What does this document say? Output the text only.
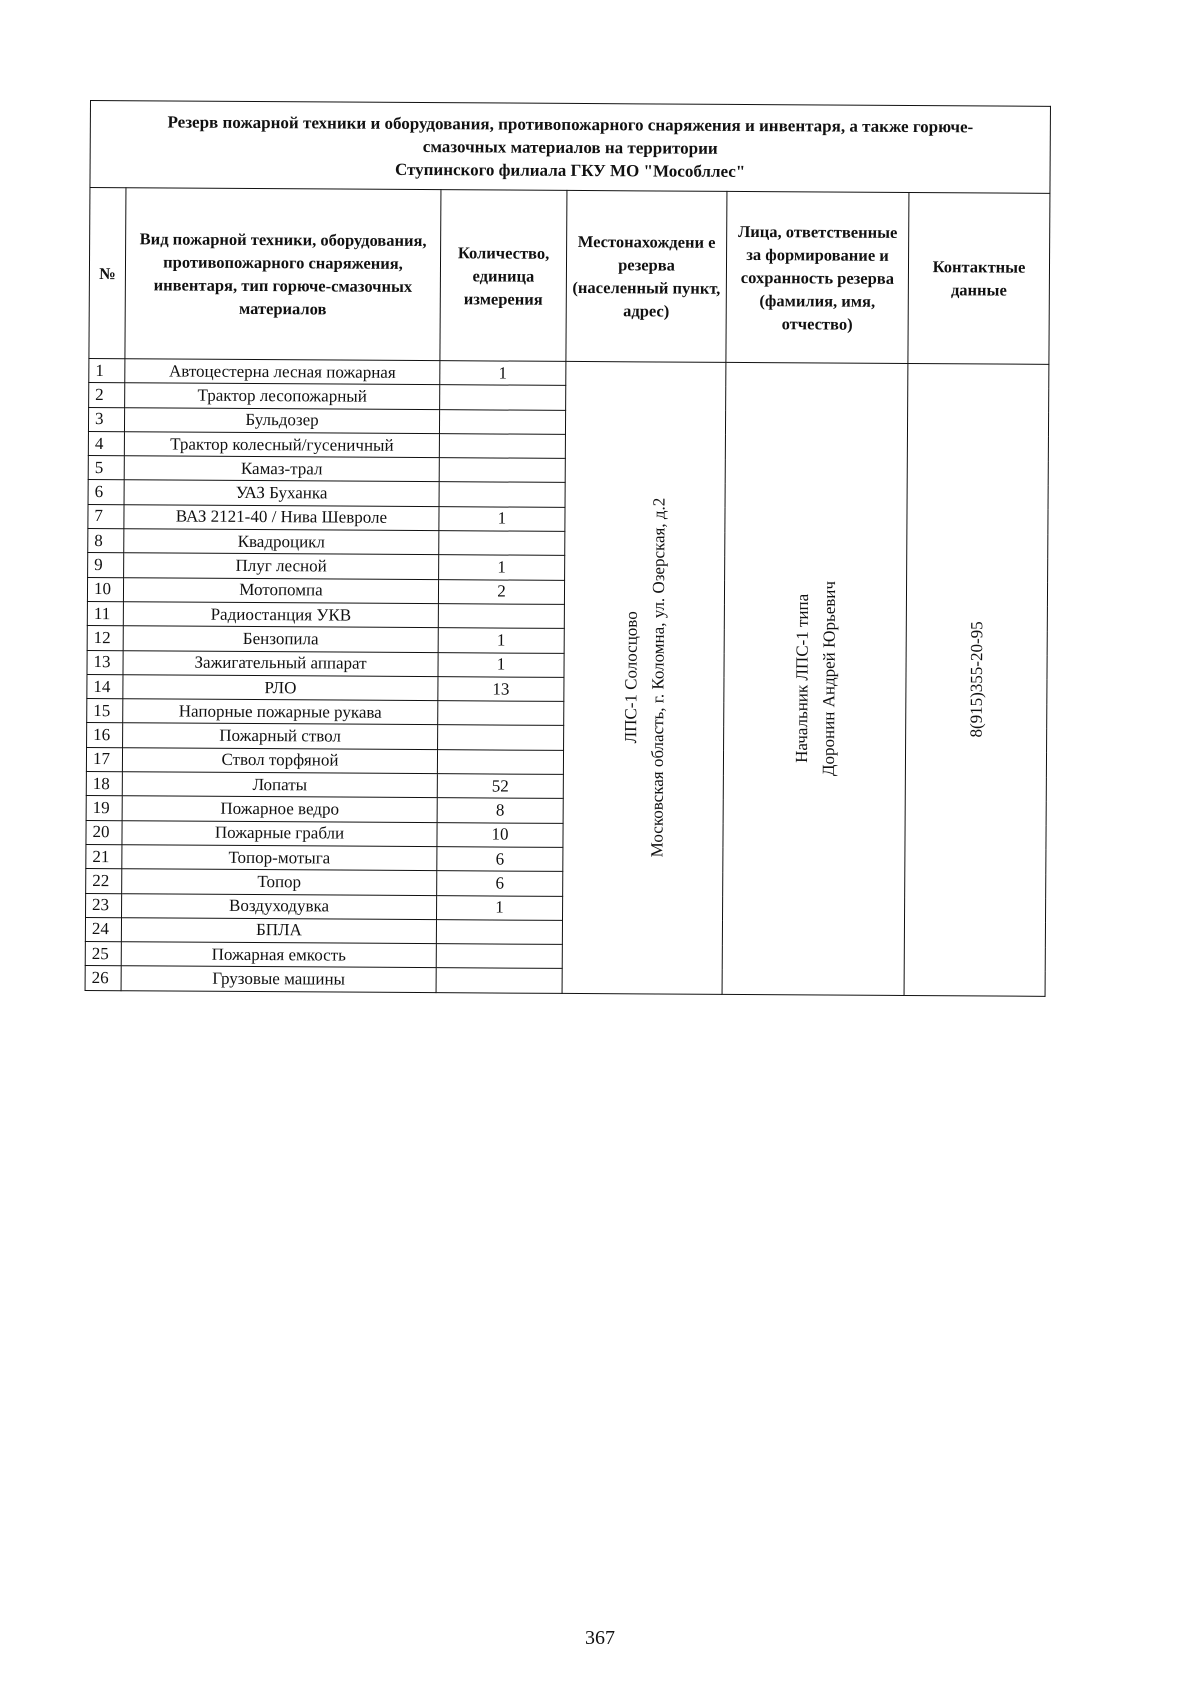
Резерв пожарной техники и оборудования, противопожарного снаряжения и инвентаря, а также горюче-
смазочных материалов на территории
Ступинского филиала ГКУ МО "Мособллес"					

№	Вид пожарной техники, оборудования, противопожарного снаряжения, инвентаря, тип горюче-смазочных материалов	Количество, единица измерения	Местонахождени е резерва (населенный пункт, адрес)	Лица, ответственные за формирование и сохранность резерва (фамилия, имя, отчество)	Контактные данные
1	Автоцестерна лесная пожарная	1	ЛПС-1 Солосцово Московская область, г. Коломна, ул. Озерская, д.2	Начальник ЛПС-1 типа Доронин Андрей Юрьевич	8(915)355-20-95

2	Трактор лесопожарный				
3	Бульдозер				
4	Трактор колесный/гусеничный				
5	Камаз-трал				
6	УАЗ Буханка				
7	ВАЗ 2121-40 / Нива Шевроле	1			
8	Квадроцикл				
9	Плуг лесной	1			
10	Мотопомпа	2			
11	Радиостанция УКВ				
12	Бензопила	1			
13	Зажигательный аппарат	1			
14	РЛО	13			
15	Напорные пожарные рукава				
16	Пожарный ствол				
17	Ствол торфяной				
18	Лопаты	52			
19	Пожарное ведро	8			
20	Пожарные грабли	10			
21	Топор-мотыга	6			
22	Топор	6			
23	Воздуходувка	1			
24	БПЛА				
25	Пожарная емкость				
26	Грузовые машины				
367
